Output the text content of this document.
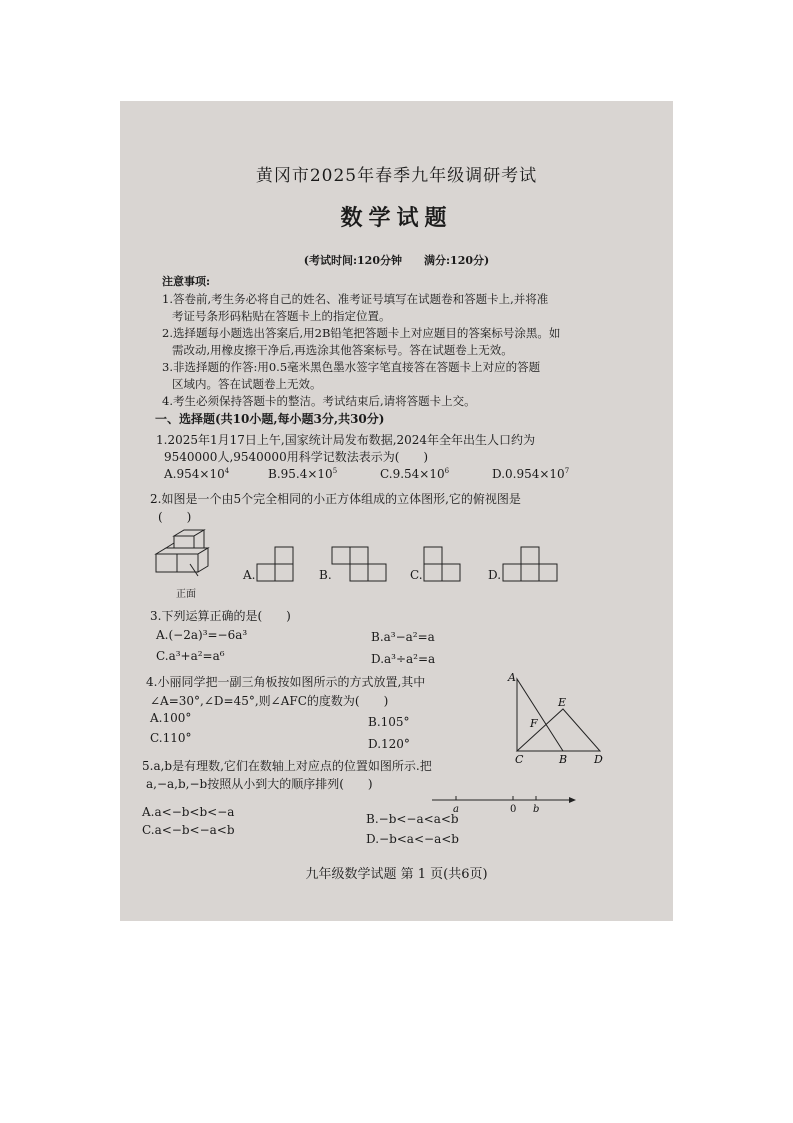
黄冈市2025年春季九年级调研考试
数学试题
(考试时间:120分钟　　满分:120分)
注意事项:
1.答卷前,考生务必将自己的姓名、准考证号填写在试题卷和答题卡上,并将准
考证号条形码粘贴在答题卡上的指定位置。
2.选择题每小题选出答案后,用2B铅笔把答题卡上对应题目的答案标号涂黑。如
需改动,用橡皮擦干净后,再选涂其他答案标号。答在试题卷上无效。
3.非选择题的作答:用0.5毫米黑色墨水签字笔直接答在答题卡上对应的答题
区域内。答在试题卷上无效。
4.考生必须保持答题卡的整洁。考试结束后,请将答题卡上交。
一、选择题(共10小题,每小题3分,共30分)
1.2025年1月17日上午,国家统计局发布数据,2024年全年出生人口约为
9540000人,9540000用科学记数法表示为(　　)
$A.954\times 10^4$	$B.95.4\times 10^5$	$C.9.54\times 10^6$	$D.0.954\times 10^7$
2.如图是一个由5个完全相同的小正方体组成的立体图形,它的俯视图是
(　　)
正面
A.	B.	C.	D.
3.下列运算正确的是(　　)
A.(−2a)³=−6a³	B.a³−a²=a
C.a³+a²=a⁶	D.a³÷a²=a
4.小丽同学把一副三角板按如图所示的方式放置,其中
∠A=30°,∠D=45°,则∠AFC的度数为(　　)
A.100°	B.105°
C.110°	D.120°
A
E
F
C	B D
5.a,b是有理数,它们在数轴上对应点的位置如图所示.把
a,−a,b,−b按照从小到大的顺序排列(　　)
a	0 b
A.a<−b<b<−a	B.−b<−a<a<b
C.a<−b<−a<b
D.−b<a<−a<b
九年级数学试题 第 1 页(共6页)
